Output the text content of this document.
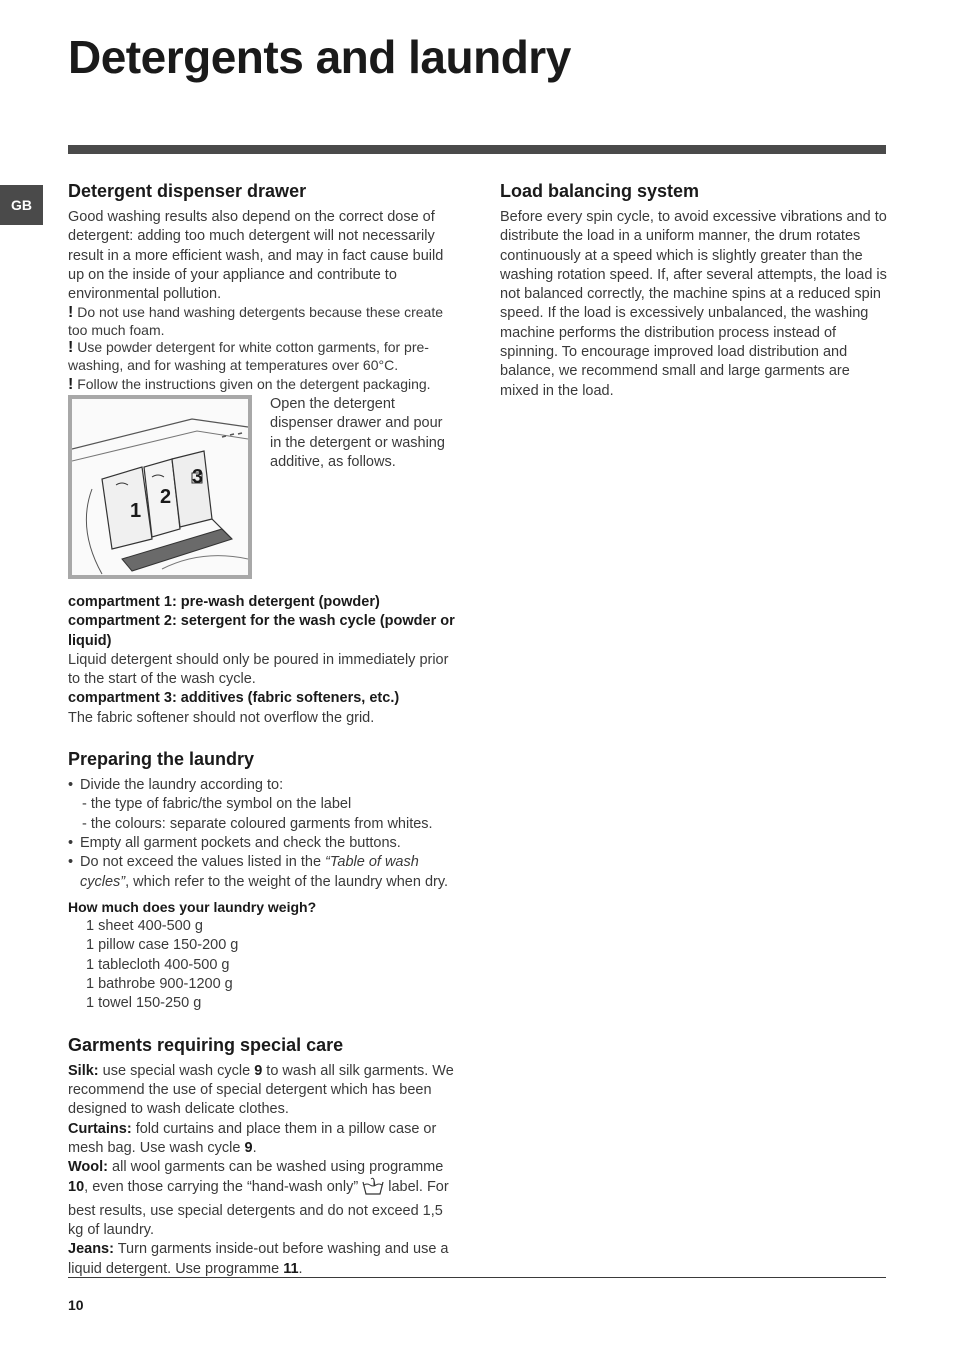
Detergents and laundry
GB
Detergent dispenser drawer

Good washing results also depend on the correct dose of detergent: adding too much detergent will not necessarily result in a more efficient wash, and may in fact cause build up on the inside of your appliance and contribute to environmental pollution.

! Do not use hand washing detergents because these create too much foam.

! Use powder detergent for white cotton garments, for pre-washing, and for washing at temperatures over 60°C.

! Follow the instructions given on the detergent packaging.

1
2
3

Open the detergent dispenser drawer and pour in the detergent or washing additive, as follows.

compartment 1: pre-wash detergent (powder)

compartment 2: setergent for the wash cycle (powder or liquid)

Liquid detergent should only be poured in immediately prior to the start of the wash cycle.

compartment 3: additives (fabric softeners, etc.)

The fabric softener should not overflow the grid.

Preparing the laundry
• Divide the laundry according to:

- the type of fabric/the symbol on the label

- the colours: separate coloured garments from whites.

• Empty all garment pockets and check the buttons.
• Do not exceed the values listed in the “Table of wash cycles”, which refer to the weight of the laundry when dry.

How much does your laundry weigh?

1 sheet 400-500 g

1 pillow case 150-200 g

1 tablecloth 400-500 g

1 bathrobe 900-1200 g

1 towel 150-250 g

Garments requiring special care

Silk: use special wash cycle 9 to wash all silk garments. We recommend the use of special detergent which has been designed to wash delicate clothes.

Curtains: fold curtains and place them in a pillow case or mesh bag. Use wash cycle 9.

Wool: all wool garments can be washed using programme 10, even those carrying the “hand-wash only” label. For best results, use special detergents and do not exceed 1,5 kg of laundry.

Jeans: Turn garments inside-out before washing and use a liquid detergent. Use programme 11.

Load balancing system

Before every spin cycle, to avoid excessive vibrations and to distribute the load in a uniform manner, the drum rotates continuously at a speed which is slightly greater than the washing rotation speed. If, after several attempts, the load is not balanced correctly, the machine spins at a reduced spin speed. If the load is excessively unbalanced, the washing machine performs the distribution process instead of spinning. To encourage improved load distribution and balance, we recommend small and large garments are mixed in the load.

10
